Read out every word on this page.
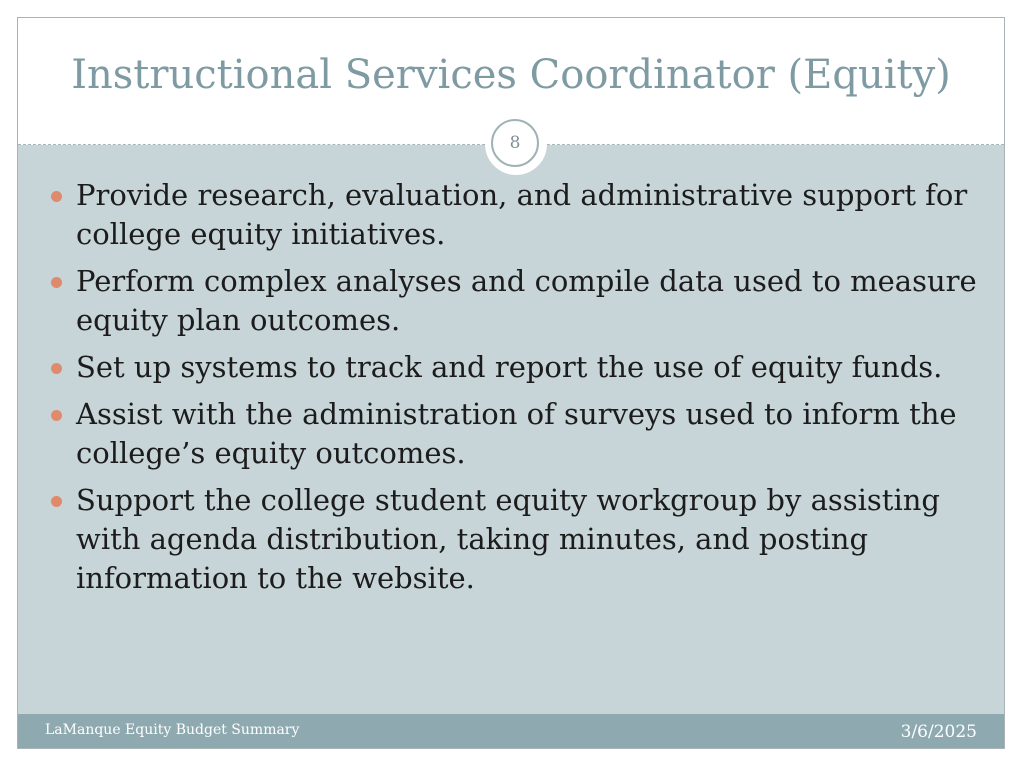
Instructional Services Coordinator (Equity)
8
Provide research, evaluation, and administrative support for college equity initiatives.
Perform complex analyses and compile data used to measure equity plan outcomes.
Set up systems to track and report the use of equity funds.
Assist with the administration of surveys used to inform the college’s equity outcomes.
Support the college student equity workgroup by assisting with agenda distribution, taking minutes, and posting information to the website.
LaManque Equity Budget Summary	3/6/2025
